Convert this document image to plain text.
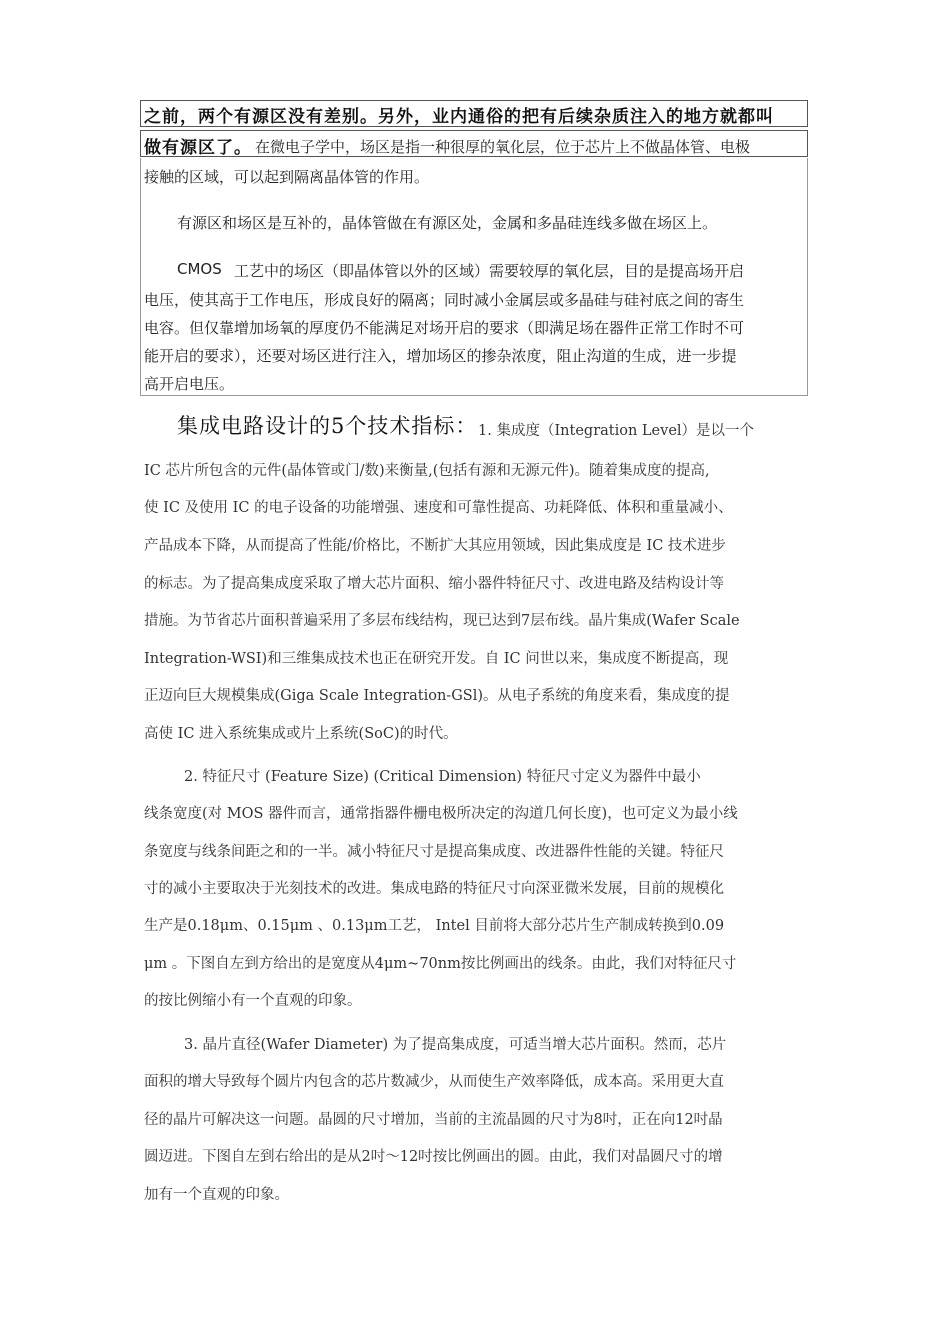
之前，两个有源区没有差别。另外，业内通俗的把有后续杂质注入的地方就都叫
做有源区了。 在微电子学中，场区是指一种很厚的氧化层，位于芯片上不做晶体管、电极
接触的区域，可以起到隔离晶体管的作用。
有源区和场区是互补的，晶体管做在有源区处，金属和多晶硅连线多做在场区上。
CMOS 工艺中的场区（即晶体管以外的区域）需要较厚的氧化层，目的是提高场开启
电压，使其高于工作电压，形成良好的隔离；同时减小金属层或多晶硅与硅衬底之间的寄生
电容。但仅靠增加场氧的厚度仍不能满足对场开启的要求（即满足场在器件正常工作时不可
能开启的要求），还要对场区进行注入，增加场区的掺杂浓度，阻止沟道的生成，进一步提
高开启电压。
集成电路设计的5个技术指标： 1. 集成度（Integration Level）是以一个
IC 芯片所包含的元件(晶体管或门/数)来衡量,(包括有源和无源元件)。随着集成度的提高,
使 IC 及使用 IC 的电子设备的功能增强、速度和可靠性提高、功耗降低、体积和重量减小、
产品成本下降，从而提高了性能/价格比，不断扩大其应用领域，因此集成度是 IC 技术进步
的标志。为了提高集成度采取了增大芯片面积、缩小器件特征尺寸、改进电路及结构设计等
措施。为节省芯片面积普遍采用了多层布线结构，现已达到7层布线。晶片集成(Wafer Scale
Integration-WSI)和三维集成技术也正在研究开发。自 IC 问世以来，集成度不断提高，现
正迈向巨大规模集成(Giga Scale Integration-GSl)。从电子系统的角度来看，集成度的提
高使 IC 进入系统集成或片上系统(SoC)的时代。
2. 特征尺寸 (Feature Size) (Critical Dimension) 特征尺寸定义为器件中最小
线条宽度(对 MOS 器件而言，通常指器件栅电极所决定的沟道几何长度)，也可定义为最小线
条宽度与线条间距之和的一半。减小特征尺寸是提高集成度、改进器件性能的关键。特征尺
寸的减小主要取决于光刻技术的改进。集成电路的特征尺寸向深亚微米发展，目前的规模化
生产是0.18μm、0.15μm 、0.13μm工艺， Intel 目前将大部分芯片生产制成转换到0.09
μm 。下图自左到方给出的是宽度从4μm~70nm按比例画出的线条。由此，我们对特征尺寸
的按比例缩小有一个直观的印象。
3. 晶片直径(Wafer Diameter) 为了提高集成度，可适当增大芯片面积。然而，芯片
面积的增大导致每个圆片内包含的芯片数减少，从而使生产效率降低，成本高。采用更大直
径的晶片可解决这一问题。晶圆的尺寸增加，当前的主流晶圆的尺寸为8吋，正在向12吋晶
圆迈进。下图自左到右给出的是从2吋～12吋按比例画出的圆。由此，我们对晶圆尺寸的增
加有一个直观的印象。
